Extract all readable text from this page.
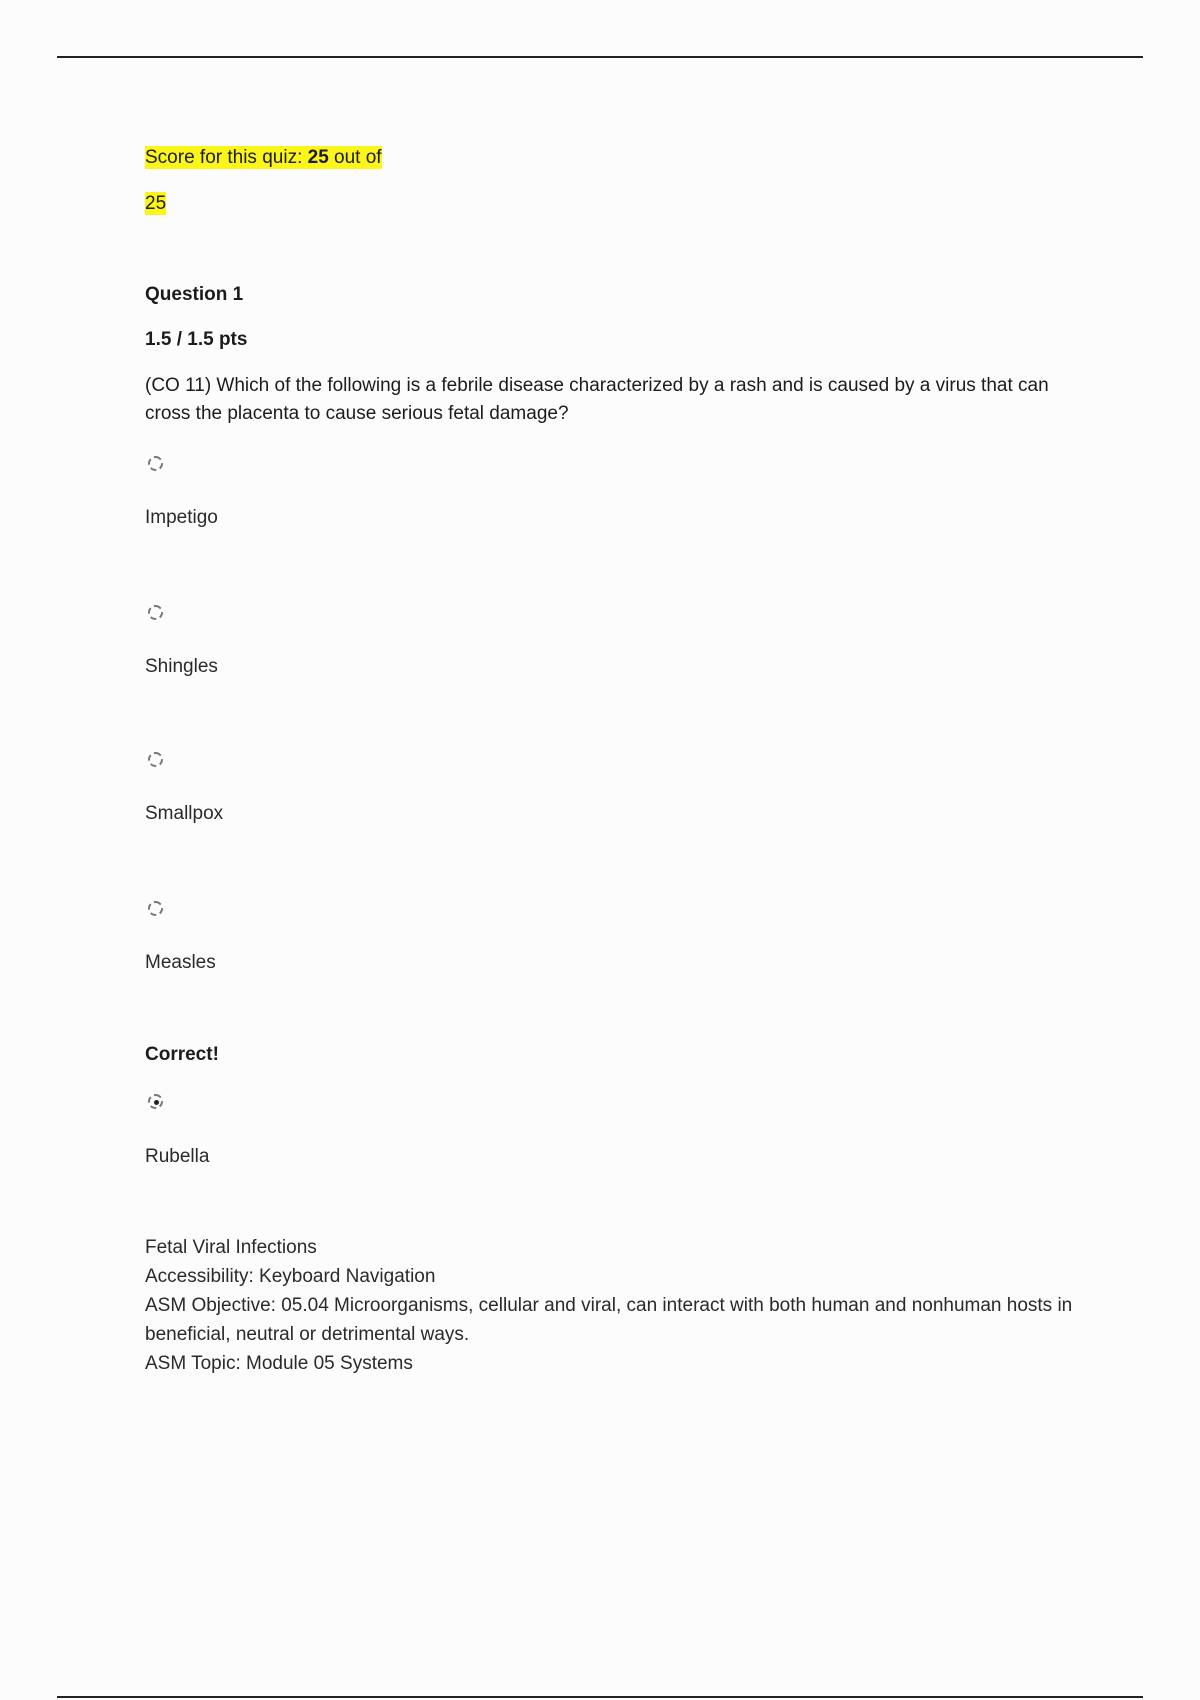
Score for this quiz: 25 out of
25
Question 1
1.5 / 1.5 pts
(CO 11) Which of the following is a febrile disease characterized by a rash and is caused by a virus that can cross the placenta to cause serious fetal damage?
Impetigo
Shingles
Smallpox
Measles
Correct!
Rubella
Fetal Viral Infections
Accessibility: Keyboard Navigation
ASM Objective: 05.04 Microorganisms, cellular and viral, can interact with both human and nonhuman hosts in beneficial, neutral or detrimental ways.
ASM Topic: Module 05 Systems
